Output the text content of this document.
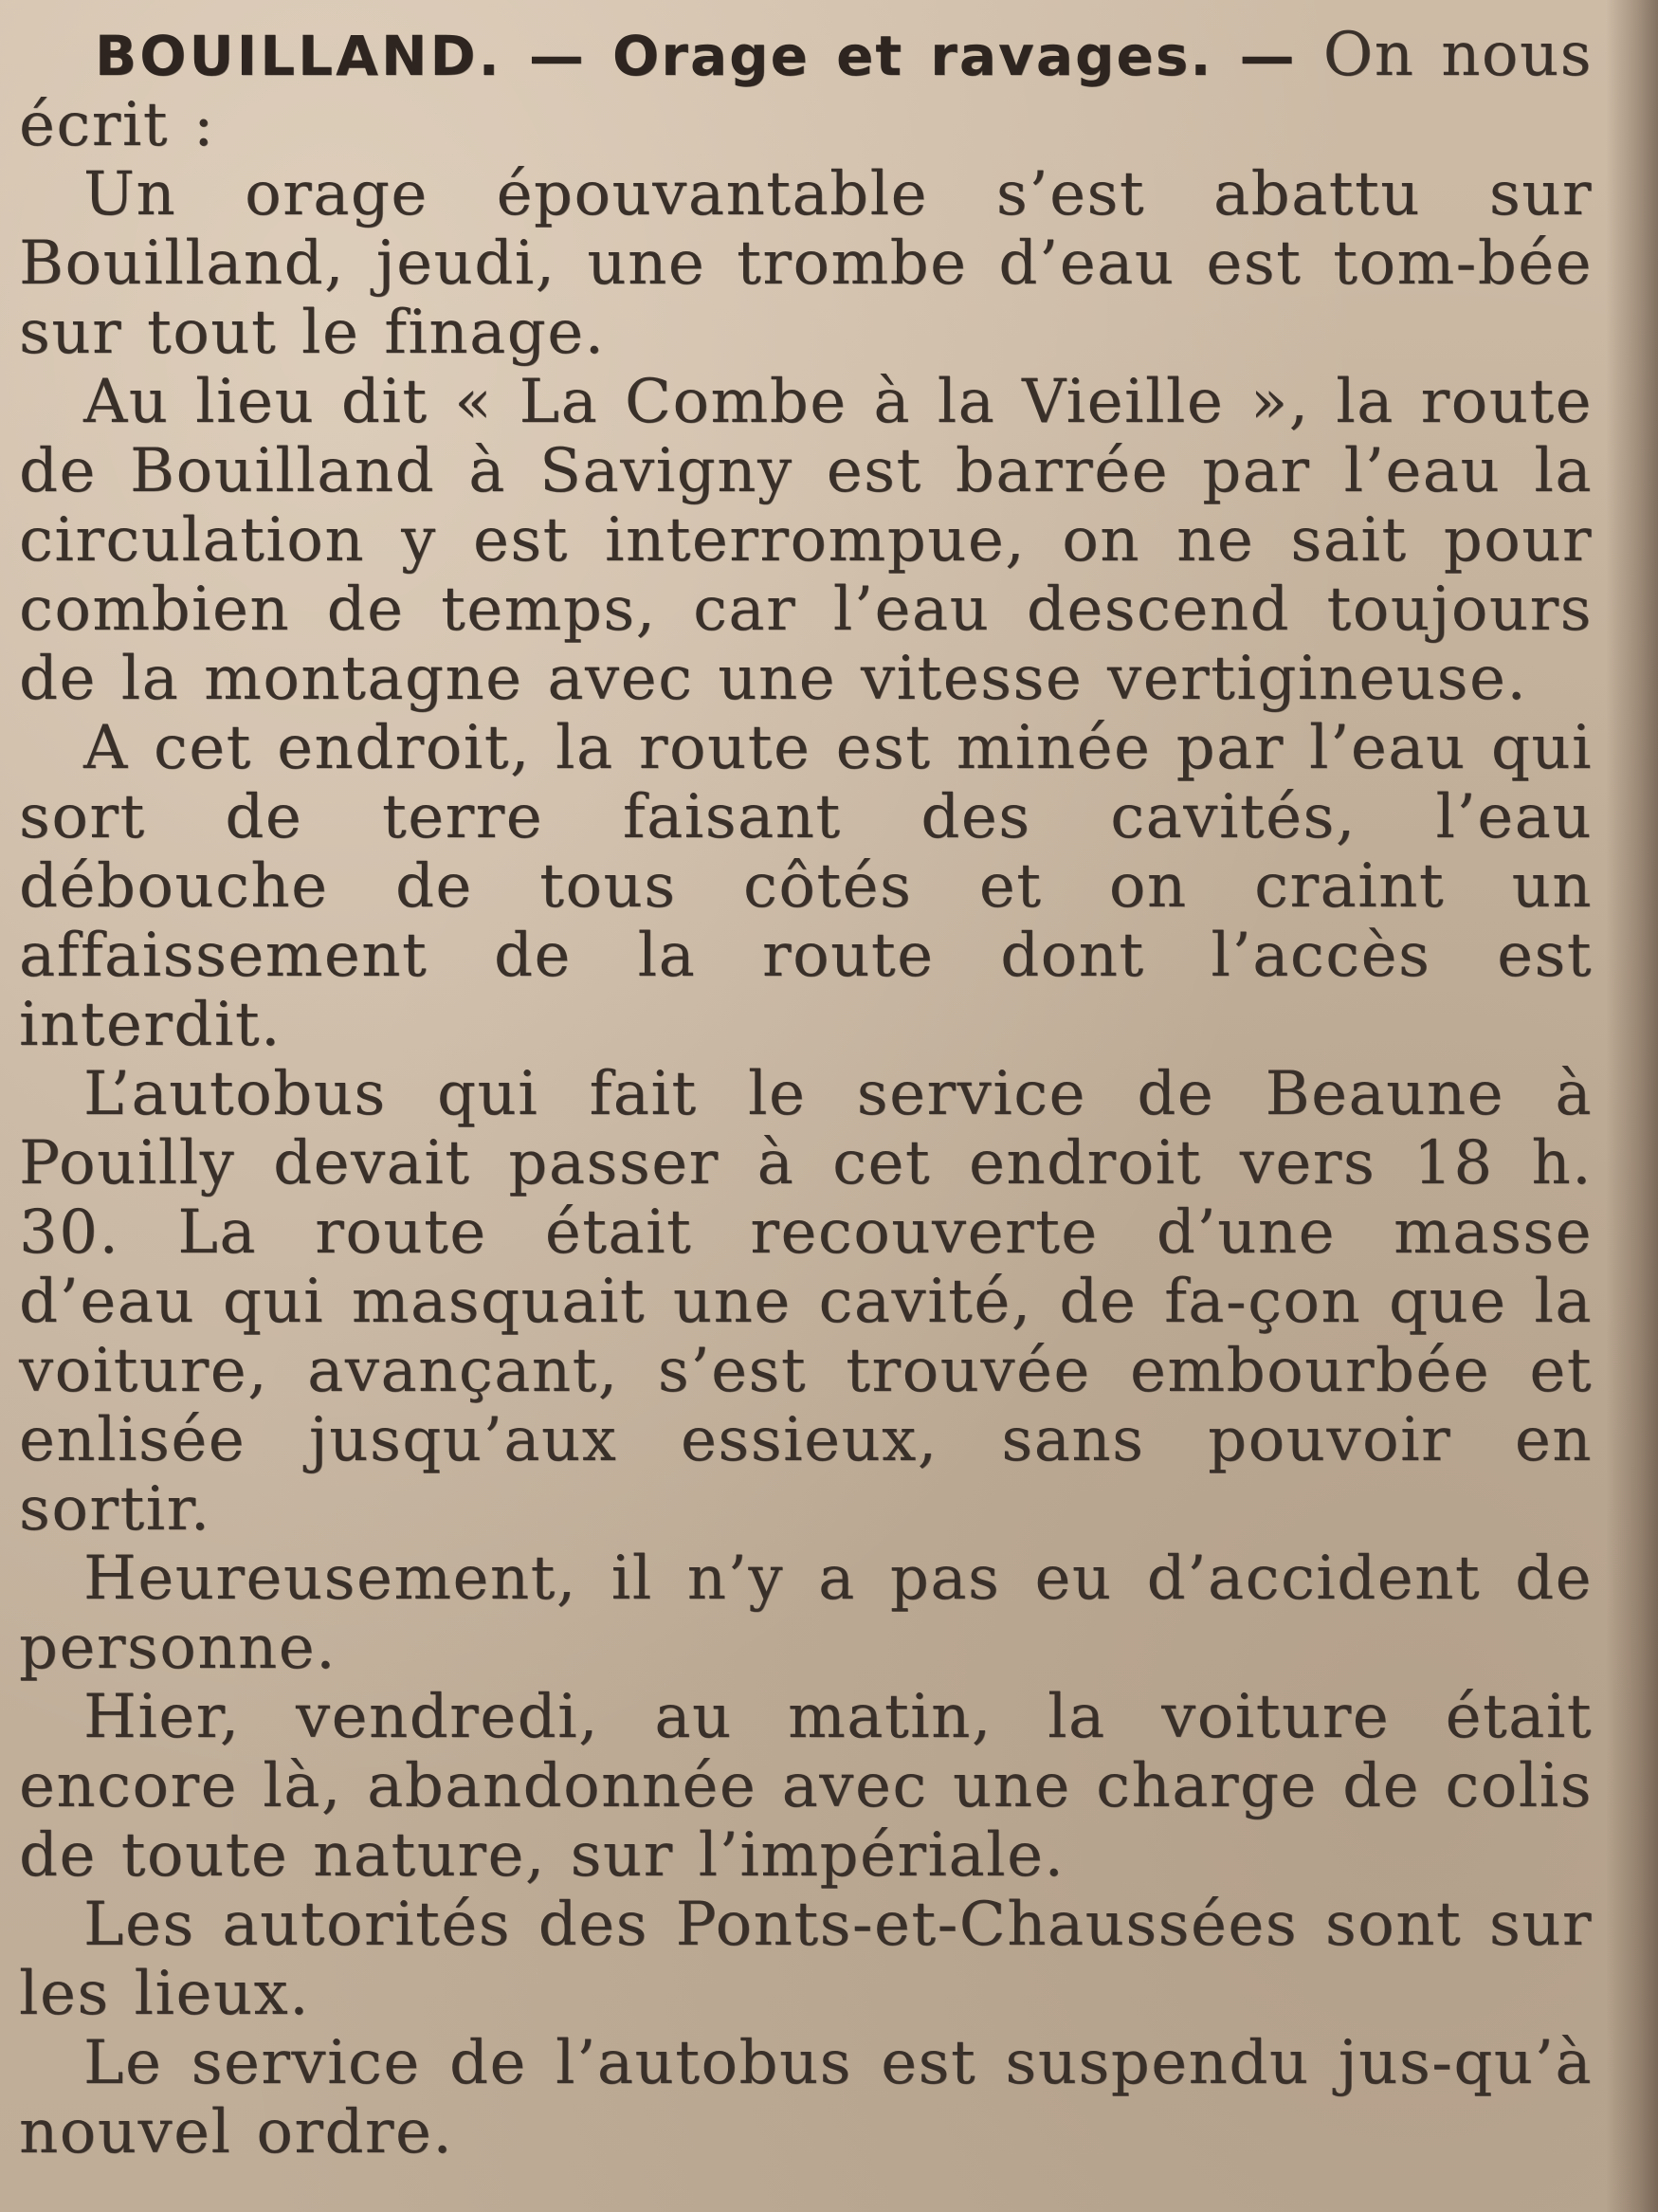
BOUILLAND. — Orage et ravages. — On nous écrit :

Un orage épouvantable s’est abattu sur Bouilland, jeudi, une trombe d’eau est tom-bée sur tout le finage.

Au lieu dit « La Combe à la Vieille », la route de Bouilland à Savigny est barrée par l’eau la circulation y est interrompue, on ne sait pour combien de temps, car l’eau descend toujours de la montagne avec une vitesse vertigineuse.

A cet endroit, la route est minée par l’eau qui sort de terre faisant des cavités, l’eau débouche de tous côtés et on craint un affaissement de la route dont l’accès est interdit.

L’autobus qui fait le service de Beaune à Pouilly devait passer à cet endroit vers 18 h. 30. La route était recouverte d’une masse d’eau qui masquait une cavité, de fa-çon que la voiture, avançant, s’est trouvée embourbée et enlisée jusqu’aux essieux, sans pouvoir en sortir.

Heureusement, il n’y a pas eu d’accident de personne.

Hier, vendredi, au matin, la voiture était encore là, abandonnée avec une charge de colis de toute nature, sur l’impériale.

Les autorités des Ponts-et-Chaussées sont sur les lieux.

Le service de l’autobus est suspendu jus-qu’à nouvel ordre.
